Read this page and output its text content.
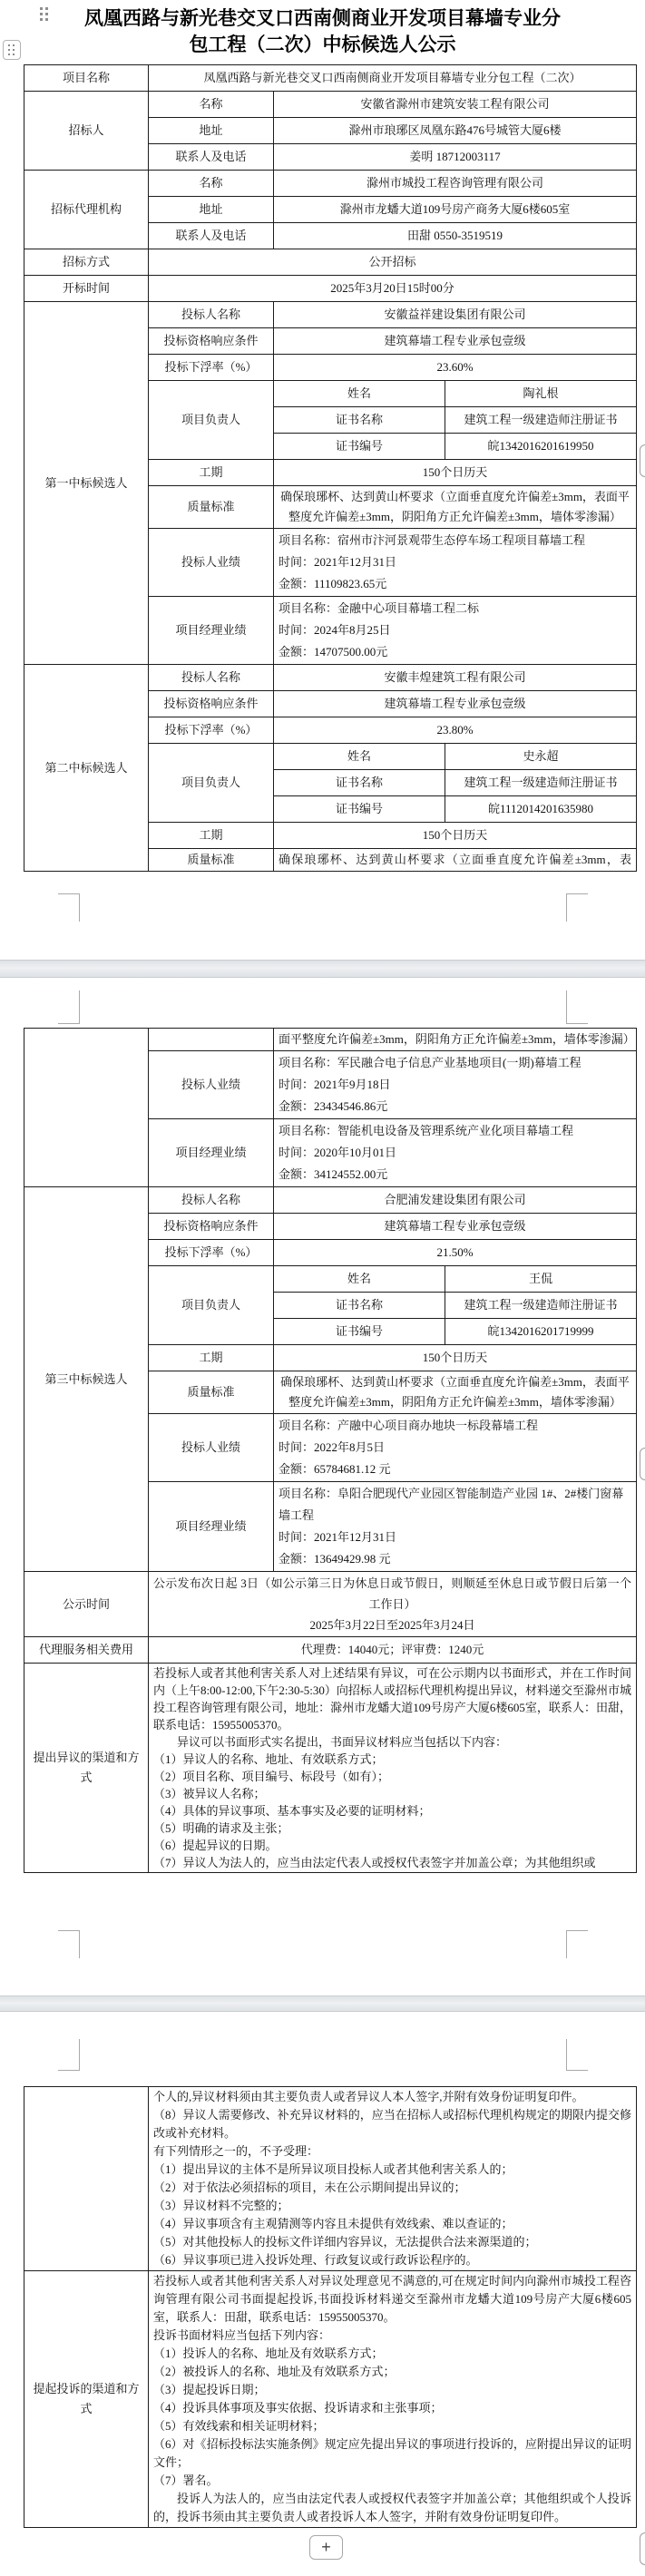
凤凰西路与新光巷交叉口西南侧商业开发项目幕墙专业分包工程（二次）中标候选人公示
项目名称	凤凰西路与新光巷交叉口西南侧商业开发项目幕墙专业分包工程（二次）		
招标人	名称	安徽省滁州市建筑安装工程有限公司	
	地址	滁州市琅琊区凤凰东路476号城管大厦6楼	
	联系人及电话	姜明 18712003117	
招标代理机构	名称	滁州市城投工程咨询管理有限公司	
	地址	滁州市龙蟠大道109号房产商务大厦6楼605室	
	联系人及电话	田甜 0550-3519519	
招标方式	公开招标		
开标时间	2025年3月20日15时00分		
第一中标候选人	投标人名称	安徽益祥建设集团有限公司	
	投标资格响应条件	建筑幕墙工程专业承包壹级	
	投标下浮率（%）	23.60%	
	项目负责人	姓名	陶礼根
		证书名称	建筑工程一级建造师注册证书
		证书编号	皖1342016201619950
	工期	150个日历天	
	质量标准	确保琅琊杯、达到黄山杯要求（立面垂直度允许偏差±3mm，表面平整度允许偏差±3mm，阴阳角方正允许偏差±3mm，墙体零渗漏）	
	投标人业绩	项目名称：宿州市汴河景观带生态停车场工程项目幕墙工程
时间：2021年12月31日
金额：11109823.65元	

	项目经理业绩	项目名称：金融中心项目幕墙工程二标
时间：2024年8月25日
金额：14707500.00元	

第二中标候选人	投标人名称	安徽丰煌建筑工程有限公司	
	投标资格响应条件	建筑幕墙工程专业承包壹级	
	投标下浮率（%）	23.80%	
	项目负责人	姓名	史永超
		证书名称	建筑工程一级建造师注册证书
		证书编号	皖1112014201635980
	工期	150个日历天	
	质量标准	确保琅琊杯、达到黄山杯要求（立面垂直度允许偏差±3mm，表	
		面平整度允许偏差±3mm，阴阳角方正允许偏差±3mm，墙体零渗漏）	
	投标人业绩	项目名称：军民融合电子信息产业基地项目(一期)幕墙工程
时间：2021年9月18日
金额：23434546.86元	

	项目经理业绩	项目名称：智能机电设备及管理系统产业化项目幕墙工程
时间：2020年10月01日
金额：34124552.00元	

第三中标候选人	投标人名称	合肥浦发建设集团有限公司	
	投标资格响应条件	建筑幕墙工程专业承包壹级	
	投标下浮率（%）	21.50%	
	项目负责人	姓名	王侃
		证书名称	建筑工程一级建造师注册证书
		证书编号	皖1342016201719999
	工期	150个日历天	
	质量标准	确保琅琊杯、达到黄山杯要求（立面垂直度允许偏差±3mm，表面平整度允许偏差±3mm，阴阳角方正允许偏差±3mm，墙体零渗漏）	
	投标人业绩	项目名称：产融中心项目商办地块一标段幕墙工程
时间：2022年8月5日
金额：65784681.12 元	

	项目经理业绩	项目名称：阜阳合肥现代产业园区智能制造产业园 1#、2#楼门窗幕墙工程
时间：2021年12月31日
金额：13649429.98 元	

公示时间	公示发布次日起 3日（如公示第三日为休息日或节假日，则顺延至休息日或节假日后第一个工作日）
2025年3月22日至2025年3月24日		

代理服务相关费用	代理费：14040元；评审费：1240元		
提出异议的渠道和方式	
若投标人或者其他利害关系人对上述结果有异议，可在公示期内以书面形式，并在工作时间内（上午8:00-12:00,下午2:30-5:30）向招标人或招标代理机构提出异议，材料递交至滁州市城投工程咨询管理有限公司，地址：滁州市龙蟠大道109号房产大厦6楼605室，联系人：田甜，联系电话：15955005370。
异议可以书面形式实名提出，书面异议材料应当包括以下内容：
（1）异议人的名称、地址、有效联系方式；
（2）项目名称、项目编号、标段号（如有）；
（3）被异议人名称；
（4）具体的异议事项、基本事实及必要的证明材料；
（5）明确的请求及主张；
（6）提起异议的日期。
（7）异议人为法人的，应当由法定代表人或授权代表签字并加盖公章；为其他组织或

个人的,异议材料须由其主要负责人或者异议人本人签字,并附有效身份证明复印件。
（8）异议人需要修改、补充异议材料的，应当在招标人或招标代理机构规定的期限内提交修改或补充材料。
有下列情形之一的，不予受理：
（1）提出异议的主体不是所异议项目投标人或者其他利害关系人的；
（2）对于依法必须招标的项目，未在公示期间提出异议的；
（3）异议材料不完整的；
（4）异议事项含有主观猜测等内容且未提供有效线索、难以查证的；
（5）对其他投标人的投标文件详细内容异议，无法提供合法来源渠道的；
（6）异议事项已进入投诉处理、行政复议或行政诉讼程序的。

提起投诉的渠道和方式	
若投标人或者其他利害关系人对异议处理意见不满意的,可在规定时间内向滁州市城投工程咨询管理有限公司书面提起投诉,书面投诉材料递交至滁州市龙蟠大道109号房产大厦6楼605室，联系人：田甜，联系电话：15955005370。
投诉书面材料应当包括下列内容：
（1）投诉人的名称、地址及有效联系方式；
（2）被投诉人的名称、地址及有效联系方式；
（3）提起投诉日期；
（4）投诉具体事项及事实依据、投诉请求和主张事项；
（5）有效线索和相关证明材料；
（6）对《招标投标法实施条例》规定应先提出异议的事项进行投诉的，应附提出异议的证明文件；
（7）署名。
投诉人为法人的，应当由法定代表人或授权代表签字并加盖公章；其他组织或个人投诉的，投诉书须由其主要负责人或者投诉人本人签字，并附有效身份证明复印件。
+
